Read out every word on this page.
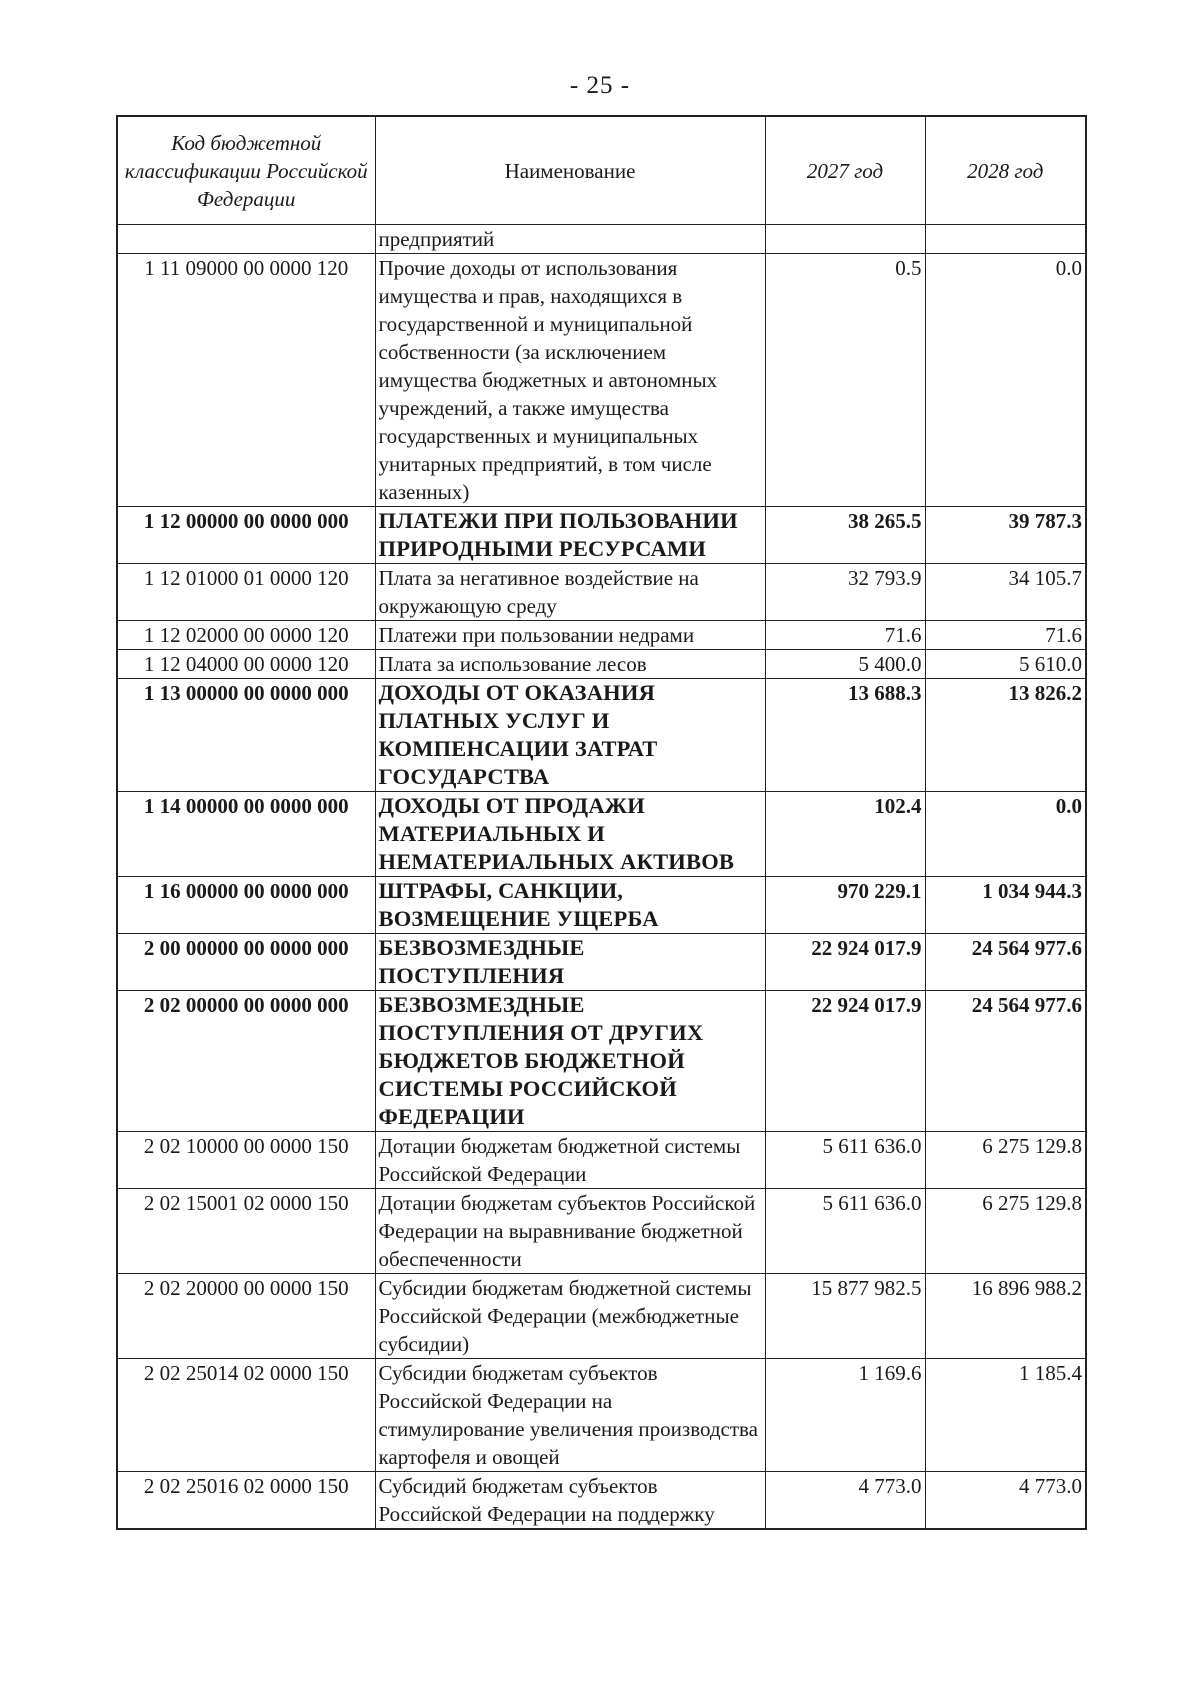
- 25 -
Код бюджетной классификации Российской Федерации	Наименование	2027 год	2028 год
	предприятий		
1 11 09000 00 0000 120	Прочие доходы от использования имущества и прав, находящихся в государственной и муниципальной собственности (за исключением имущества бюджетных и автономных учреждений, а также имущества государственных и муниципальных унитарных предприятий, в том числе казенных)	0.5	0.0
1 12 00000 00 0000 000	ПЛАТЕЖИ ПРИ ПОЛЬЗОВАНИИ ПРИРОДНЫМИ РЕСУРСАМИ	38 265.5	39 787.3
1 12 01000 01 0000 120	Плата за негативное воздействие на окружающую среду	32 793.9	34 105.7
1 12 02000 00 0000 120	Платежи при пользовании недрами	71.6	71.6
1 12 04000 00 0000 120	Плата за использование лесов	5 400.0	5 610.0
1 13 00000 00 0000 000	ДОХОДЫ ОТ ОКАЗАНИЯ ПЛАТНЫХ УСЛУГ И КОМПЕНСАЦИИ ЗАТРАТ ГОСУДАРСТВА	13 688.3	13 826.2
1 14 00000 00 0000 000	ДОХОДЫ ОТ ПРОДАЖИ МАТЕРИАЛЬНЫХ И НЕМАТЕРИАЛЬНЫХ АКТИВОВ	102.4	0.0
1 16 00000 00 0000 000	ШТРАФЫ, САНКЦИИ, ВОЗМЕЩЕНИЕ УЩЕРБА	970 229.1	1 034 944.3
2 00 00000 00 0000 000	БЕЗВОЗМЕЗДНЫЕ ПОСТУПЛЕНИЯ	22 924 017.9	24 564 977.6
2 02 00000 00 0000 000	БЕЗВОЗМЕЗДНЫЕ ПОСТУПЛЕНИЯ ОТ ДРУГИХ БЮДЖЕТОВ БЮДЖЕТНОЙ СИСТЕМЫ РОССИЙСКОЙ ФЕДЕРАЦИИ	22 924 017.9	24 564 977.6
2 02 10000 00 0000 150	Дотации бюджетам бюджетной системы Российской Федерации	5 611 636.0	6 275 129.8
2 02 15001 02 0000 150	Дотации бюджетам субъектов Российской Федерации на выравнивание бюджетной обеспеченности	5 611 636.0	6 275 129.8
2 02 20000 00 0000 150	Субсидии бюджетам бюджетной системы Российской Федерации (межбюджетные субсидии)	15 877 982.5	16 896 988.2
2 02 25014 02 0000 150	Субсидии бюджетам субъектов Российской Федерации на стимулирование увеличения производства картофеля и овощей	1 169.6	1 185.4
2 02 25016 02 0000 150	Субсидий бюджетам субъектов Российской Федерации на поддержку	4 773.0	4 773.0
